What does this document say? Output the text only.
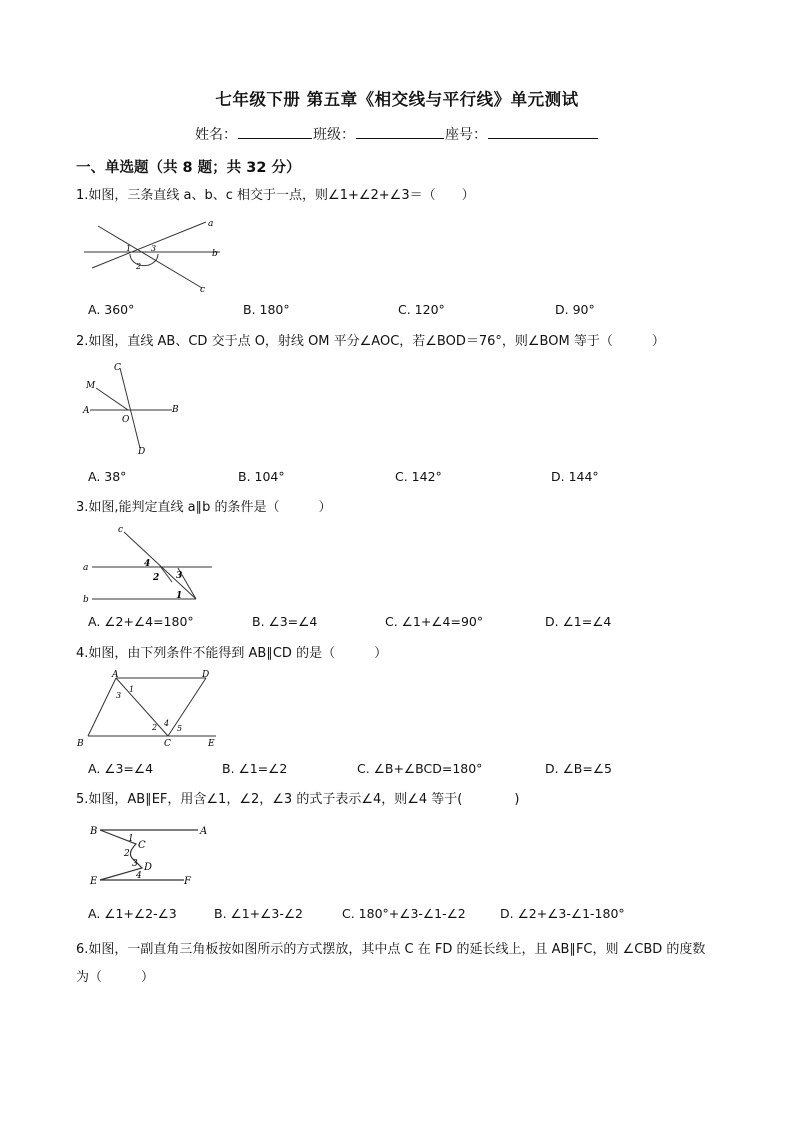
七年级下册 第五章《相交线与平行线》单元测试
姓名：	班级：	座号：
一、单选题（共 8 题；共 32 分）
1.如图，三条直线 a、b、c 相交于一点，则∠1+∠2+∠3＝（　　）
a
b
c
1
2
3
A. 360°	B. 180°	C. 120°	D. 90°
2.如图，直线 AB、CD 交于点 O，射线 OM 平分∠AOC，若∠BOD＝76°，则∠BOM 等于（　　　）
M
C
A
O
B
D
A. 38°	B. 104°	C. 142°	D. 144°
3.如图,能判定直线 a∥b 的条件是（　　　）
c
a
b
4
2 3
1
A. ∠2+∠4=180°	B. ∠3=∠4	C. ∠1+∠4=90°	D. ∠1=∠4
4.如图，由下列条件不能得到 AB∥CD 的是（　　　）
A	D
B	C	E
1
2
3
4
5
A. ∠3=∠4	B. ∠1=∠2	C. ∠B+∠BCD=180°	D. ∠B=∠5
5.如图，AB∥EF，用含∠1，∠2，∠3 的式子表示∠4，则∠4 等于(　　　　)
B	A
C
D
E	F
1
2
3
4
A. ∠1+∠2-∠3	B. ∠1+∠3-∠2	C. 180°+∠3-∠1-∠2	D. ∠2+∠3-∠1-180°
6.如图，一副直角三角板按如图所示的方式摆放，其中点 C 在 FD 的延长线上，且 AB∥FC，则 ∠CBD 的度数为（　　　）
